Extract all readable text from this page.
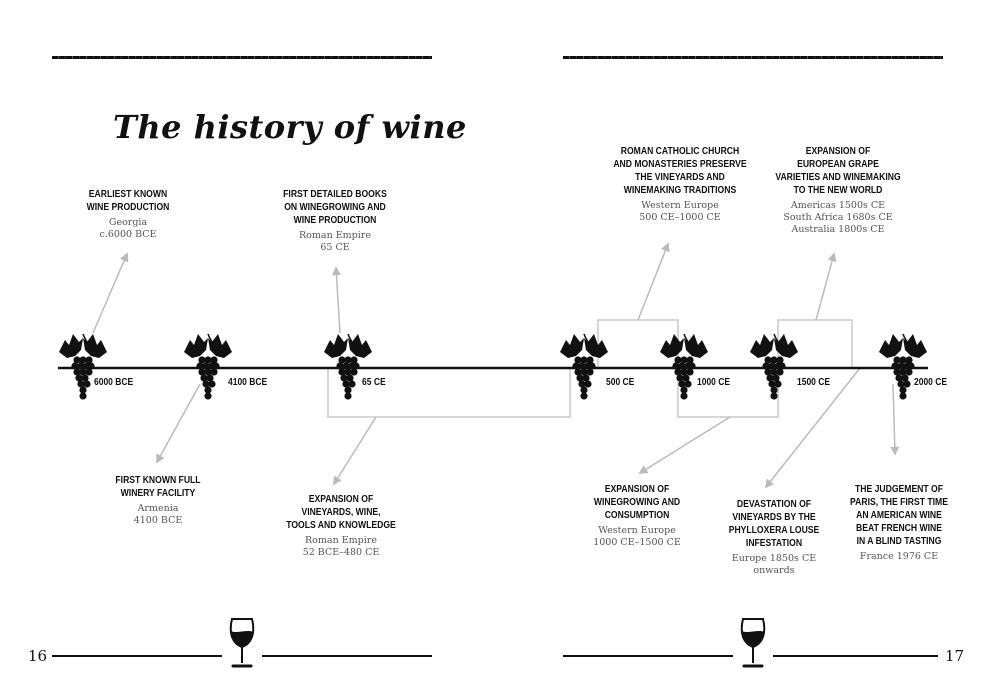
16	17
The history of wine
6000 BCE	4100 BCE	65 CE	500 CE	1000 CE	1500 CE	2000 CE
EARLIEST KNOWN
WINE PRODUCTION
Georgia
c.6000 BCE
FIRST DETAILED BOOKS
ON WINEGROWING AND
WINE PRODUCTION
Roman Empire
65 CE
ROMAN CATHOLIC CHURCH
AND MONASTERIES PRESERVE
THE VINEYARDS AND
WINEMAKING TRADITIONS
Western Europe
500 CE–1000 CE
EXPANSION OF
EUROPEAN GRAPE
VARIETIES AND WINEMAKING
TO THE NEW WORLD
Americas 1500s CE
South Africa 1680s CE
Australia 1800s CE
FIRST KNOWN FULL
WINERY FACILITY
Armenia
4100 BCE
EXPANSION OF
VINEYARDS, WINE,
TOOLS AND KNOWLEDGE
Roman Empire
52 BCE–480 CE
EXPANSION OF
WINEGROWING AND
CONSUMPTION
Western Europe
1000 CE–1500 CE
DEVASTATION OF
VINEYARDS BY THE
PHYLLOXERA LOUSE
INFESTATION
Europe 1850s CE
onwards
THE JUDGEMENT OF
PARIS, THE FIRST TIME
AN AMERICAN WINE
BEAT FRENCH WINE
IN A BLIND TASTING
France 1976 CE
